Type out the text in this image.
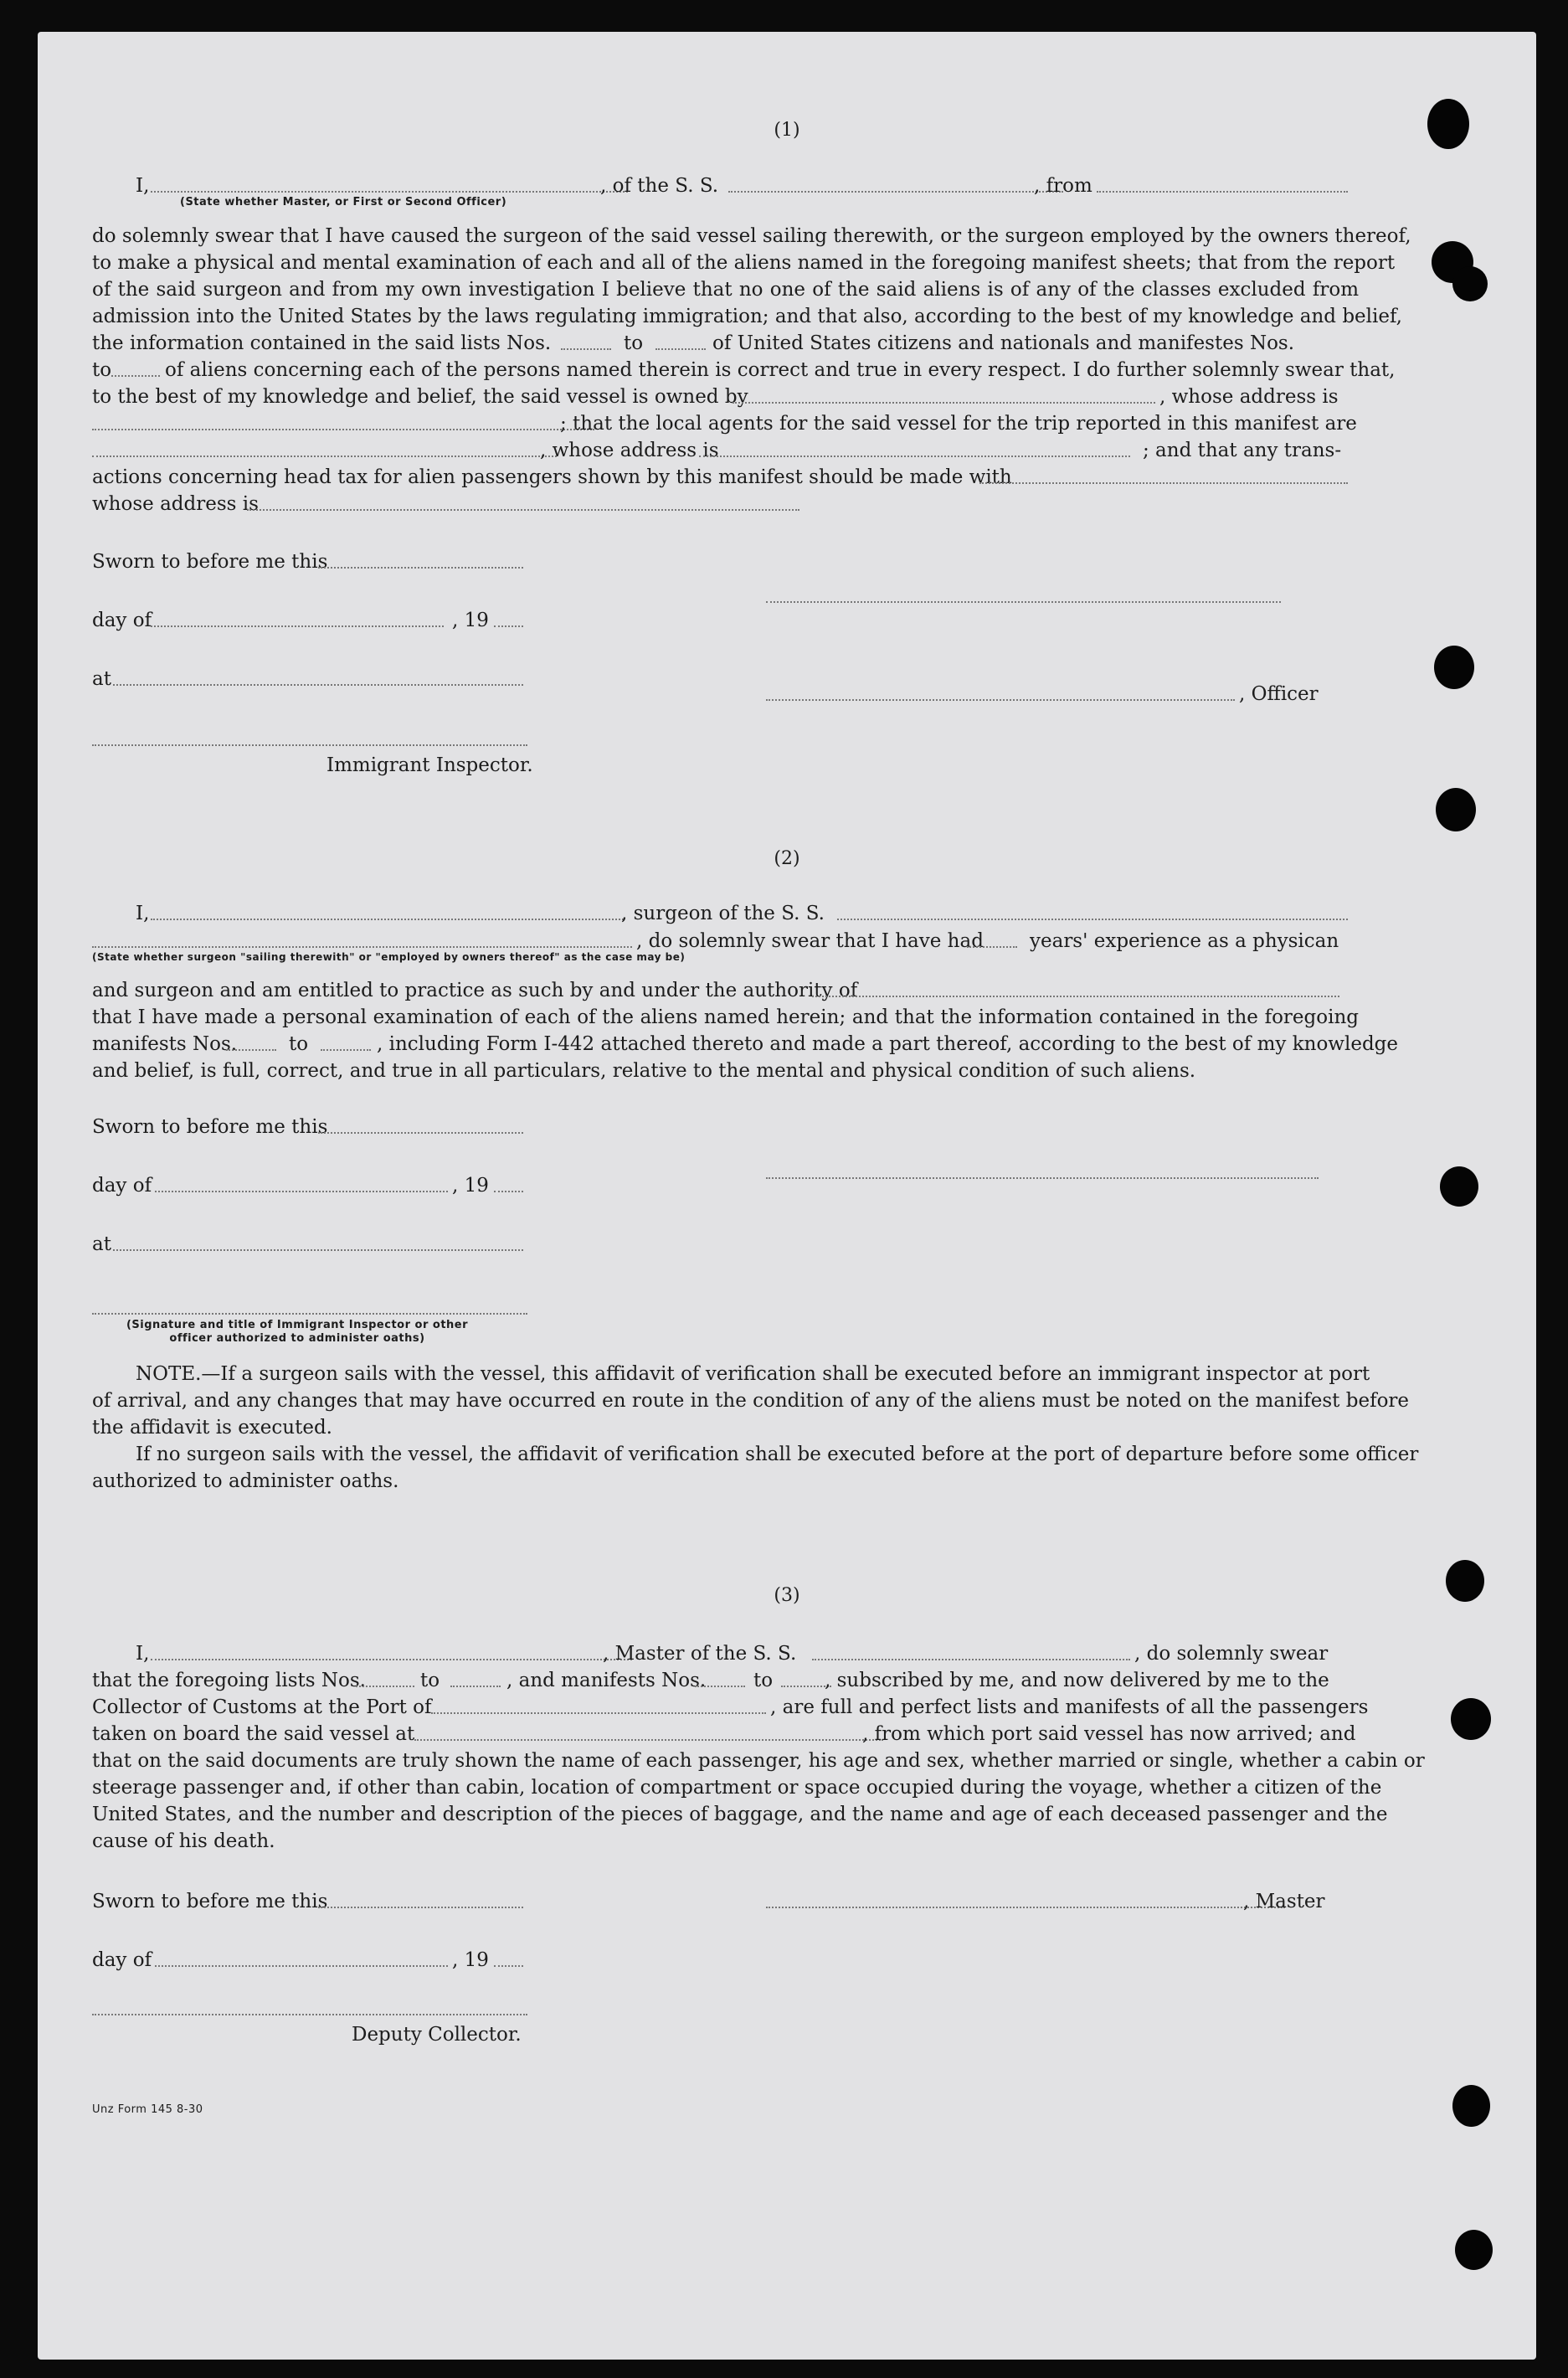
(1)
I,	, of the S. S.	, from
(State whether Master, or First or Second Officer)
do solemnly swear that I have caused the surgeon of the said vessel sailing therewith, or the surgeon employed by the owners thereof,
to make a physical and mental examination of each and all of the aliens named in the foregoing manifest sheets; that from the report
of the said surgeon and from my own investigation I believe that no one of the said aliens is of any of the classes excluded from
admission into the United States by the laws regulating immigration; and that also, according to the best of my knowledge and belief,
the information contained in the said lists Nos.	to	of United States citizens and nationals and manifestes Nos.
to	of aliens concerning each of the persons named therein is correct and true in every respect. I do further solemnly swear that,
to the best of my knowledge and belief, the said vessel is owned by	, whose address is
; that the local agents for the said vessel for the trip reported in this manifest are
, whose address is	; and that any trans-
actions concerning head tax for alien passengers shown by this manifest should be made with
whose address is
Sworn to before me this
day of	, 19
at
, Officer
Immigrant Inspector.
(2)
I,	, surgeon of the S. S.
, do solemnly swear that I have had years' experience as a physican
(State whether surgeon "sailing therewith" or "employed by owners thereof" as the case may be)
and surgeon and am entitled to practice as such by and under the authority of
that I have made a personal examination of each of the aliens named herein; and that the information contained in the foregoing
manifests Nos.	to	, including Form I-442 attached thereto and made a part thereof, according to the best of my knowledge
and belief, is full, correct, and true in all particulars, relative to the mental and physical condition of such aliens.
Sworn to before me this
day of	, 19
at
(Signature and title of Immigrant Inspector or other
officer authorized to administer oaths)
NOTE.—If a surgeon sails with the vessel, this affidavit of verification shall be executed before an immigrant inspector at port
of arrival, and any changes that may have occurred en route in the condition of any of the aliens must be noted on the manifest before
the affidavit is executed.
If no surgeon sails with the vessel, the affidavit of verification shall be executed before at the port of departure before some officer
authorized to administer oaths.
(3)
I,	, Master of the S. S.	, do solemnly swear
that the foregoing lists Nos.	to	, and manifests Nos. to	, subscribed by me, and now delivered by me to the
Collector of Customs at the Port of	, are full and perfect lists and manifests of all the passengers
taken on board the said vessel at	, from which port said vessel has now arrived; and
that on the said documents are truly shown the name of each passenger, his age and sex, whether married or single, whether a cabin or
steerage passenger and, if other than cabin, location of compartment or space occupied during the voyage, whether a citizen of the
United States, and the number and description of the pieces of baggage, and the name and age of each deceased passenger and the
cause of his death.
Sworn to before me this	, Master
day of	, 19
Deputy Collector.
Unz Form 145 8-30
